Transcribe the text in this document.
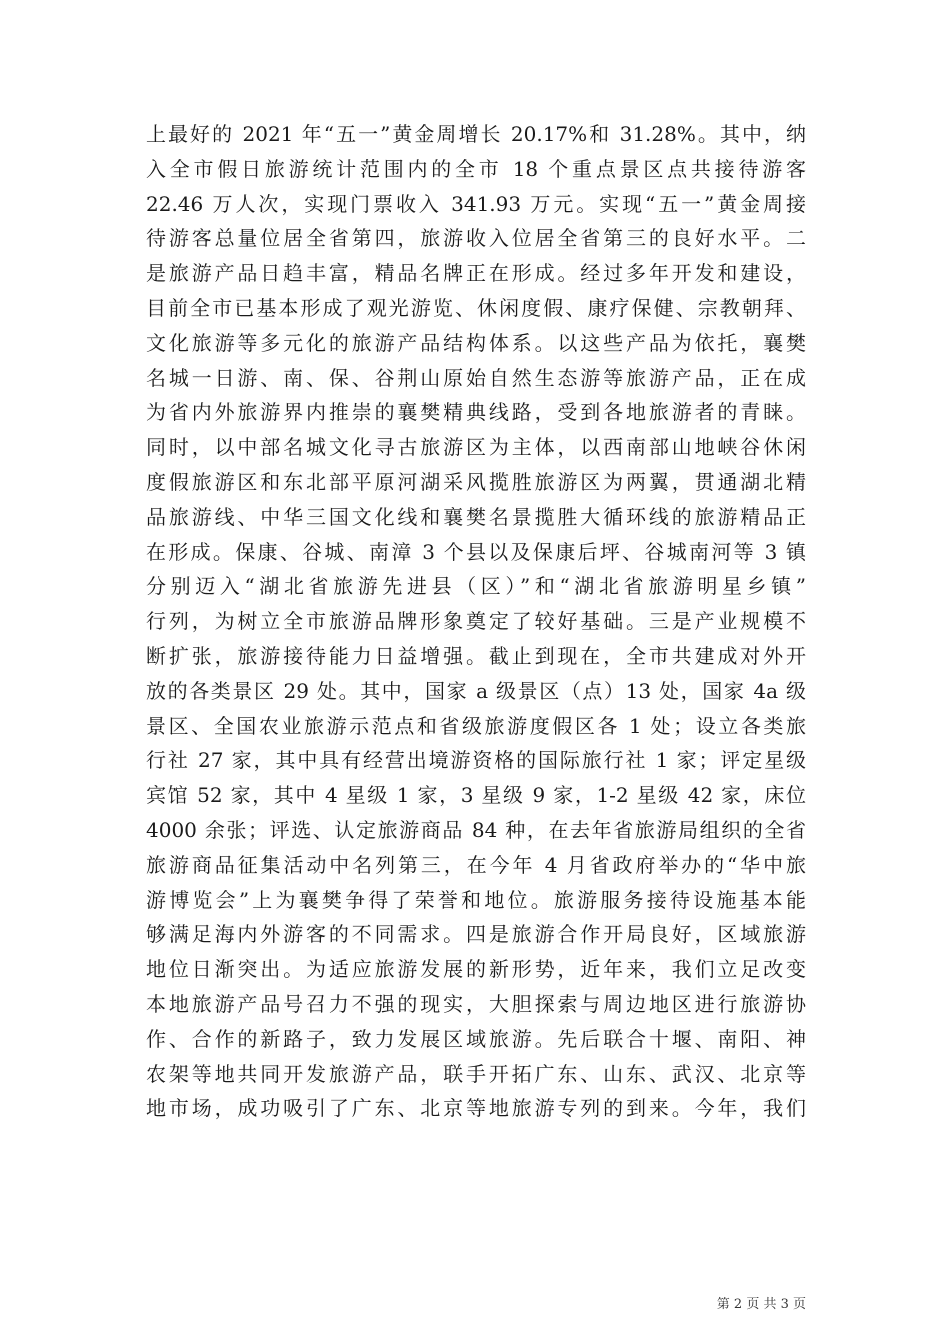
上最好的 2021 年“五一”黄金周增长 20.17%和 31.28%。其中，纳
入全市假日旅游统计范围内的全市 18 个重点景区点共接待游客
22.46 万人次，实现门票收入 341.93 万元。实现“五一”黄金周接
待游客总量位居全省第四，旅游收入位居全省第三的良好水平。二
是旅游产品日趋丰富，精品名牌正在形成。经过多年开发和建设，
目前全市已基本形成了观光游览、休闲度假、康疗保健、宗教朝拜、
文化旅游等多元化的旅游产品结构体系。以这些产品为依托，襄樊
名城一日游、南、保、谷荆山原始自然生态游等旅游产品，正在成
为省内外旅游界内推崇的襄樊精典线路，受到各地旅游者的青睐。
同时，以中部名城文化寻古旅游区为主体，以西南部山地峡谷休闲
度假旅游区和东北部平原河湖采风揽胜旅游区为两翼，贯通湖北精
品旅游线、中华三国文化线和襄樊名景揽胜大循环线的旅游精品正
在形成。保康、谷城、南漳 3 个县以及保康后坪、谷城南河等 3 镇
分别迈入“湖北省旅游先进县（区）”和“湖北省旅游明星乡镇”
行列，为树立全市旅游品牌形象奠定了较好基础。三是产业规模不
断扩张，旅游接待能力日益增强。截止到现在，全市共建成对外开
放的各类景区 29 处。其中，国家 a 级景区（点）13 处，国家 4a 级
景区、全国农业旅游示范点和省级旅游度假区各 1 处；设立各类旅
行社 27 家，其中具有经营出境游资格的国际旅行社 1 家；评定星级
宾馆 52 家，其中 4 星级 1 家，3 星级 9 家，1-2 星级 42 家，床位
4000 余张；评选、认定旅游商品 84 种，在去年省旅游局组织的全省
旅游商品征集活动中名列第三，在今年 4 月省政府举办的“华中旅
游博览会”上为襄樊争得了荣誉和地位。旅游服务接待设施基本能
够满足海内外游客的不同需求。四是旅游合作开局良好，区域旅游
地位日渐突出。为适应旅游发展的新形势，近年来，我们立足改变
本地旅游产品号召力不强的现实，大胆探索与周边地区进行旅游协
作、合作的新路子，致力发展区域旅游。先后联合十堰、南阳、神
农架等地共同开发旅游产品，联手开拓广东、山东、武汉、北京等
地市场，成功吸引了广东、北京等地旅游专列的到来。今年，我们
第 2 页 共 3 页
